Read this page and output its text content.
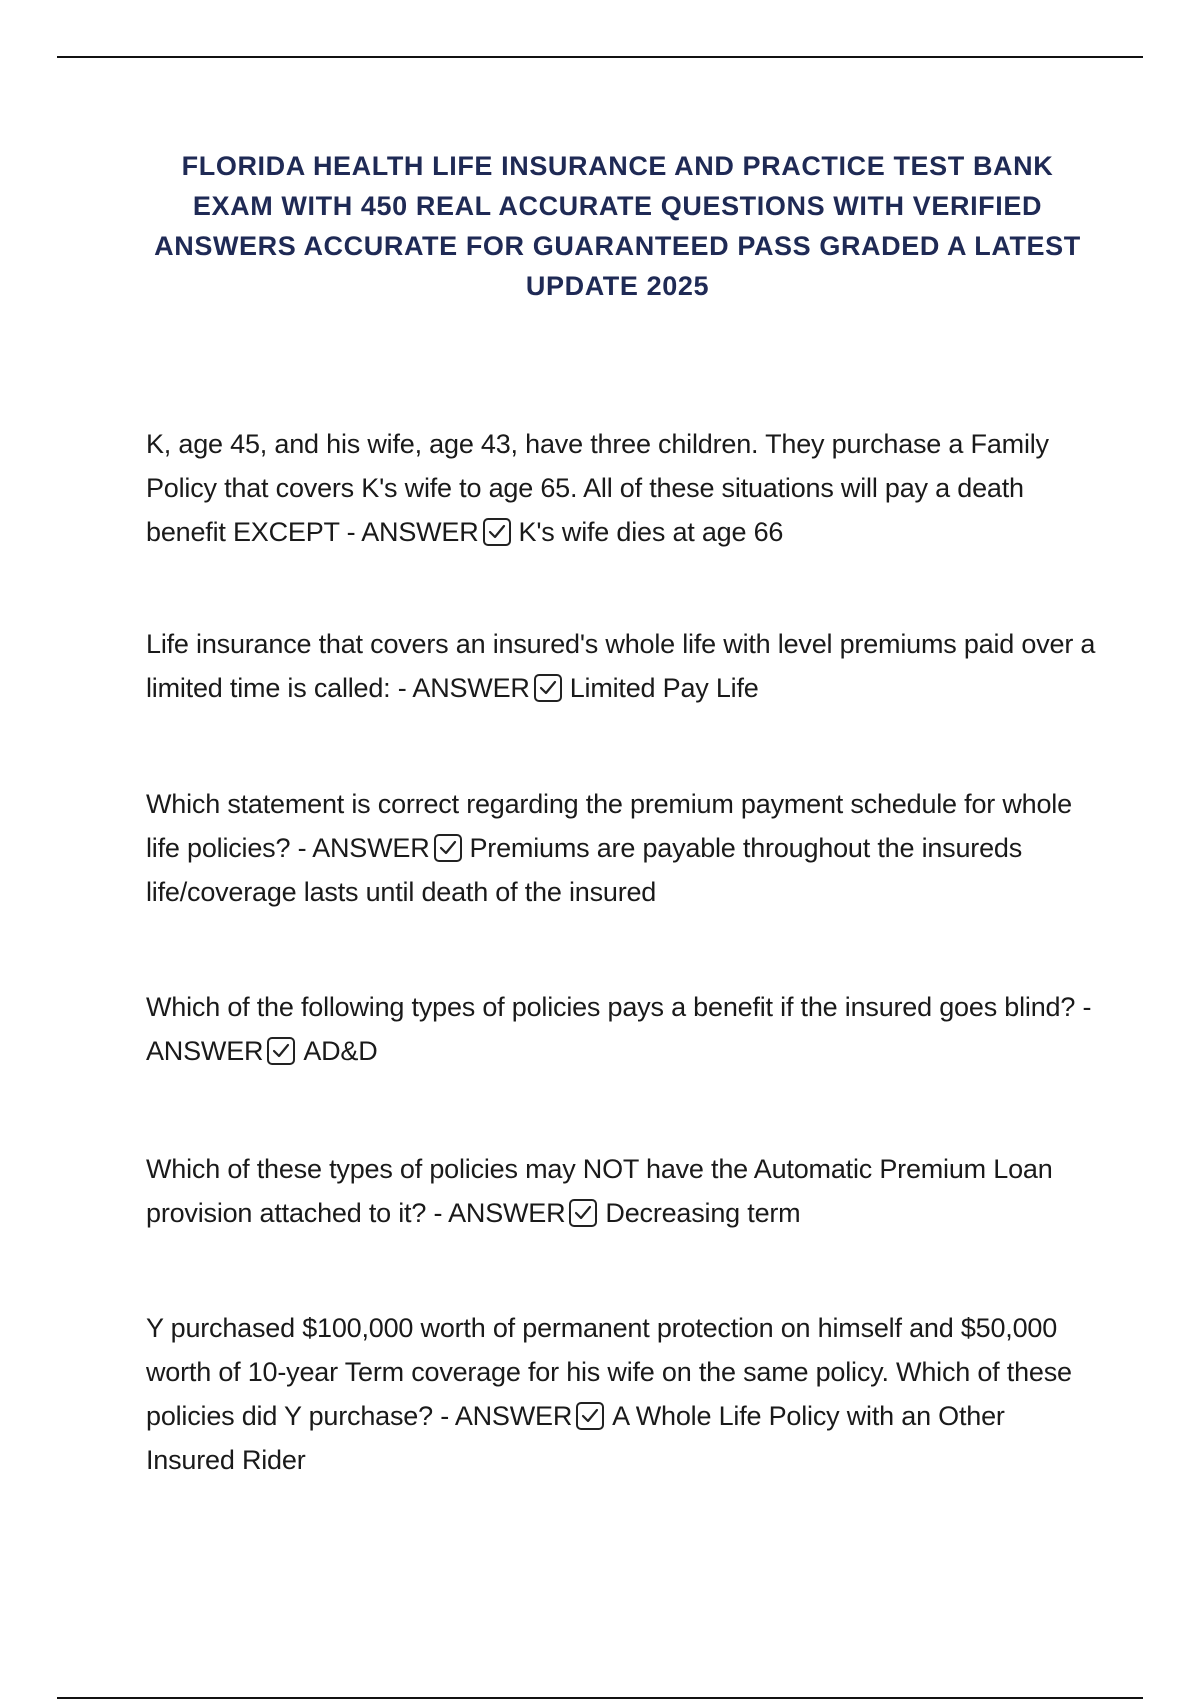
FLORIDA HEALTH LIFE INSURANCE AND PRACTICE TEST BANK EXAM WITH 450 REAL ACCURATE QUESTIONS WITH VERIFIED ANSWERS ACCURATE FOR GUARANTEED PASS GRADED A LATEST UPDATE 2025

K, age 45, and his wife, age 43, have three children. They purchase a Family Policy that covers K's wife to age 65. All of these situations will pay a death benefit EXCEPT - ANSWER K's wife dies at age 66

Life insurance that covers an insured's whole life with level premiums paid over a limited time is called: - ANSWER Limited Pay Life

Which statement is correct regarding the premium payment schedule for whole life policies? - ANSWER Premiums are payable throughout the insureds life/coverage lasts until death of the insured

Which of the following types of policies pays a benefit if the insured goes blind? - ANSWER AD&D

Which of these types of policies may NOT have the Automatic Premium Loan provision attached to it? - ANSWER Decreasing term

Y purchased $100,000 worth of permanent protection on himself and $50,000 worth of 10-year Term coverage for his wife on the same policy. Which of these policies did Y purchase? - ANSWER A Whole Life Policy with an Other Insured Rider
